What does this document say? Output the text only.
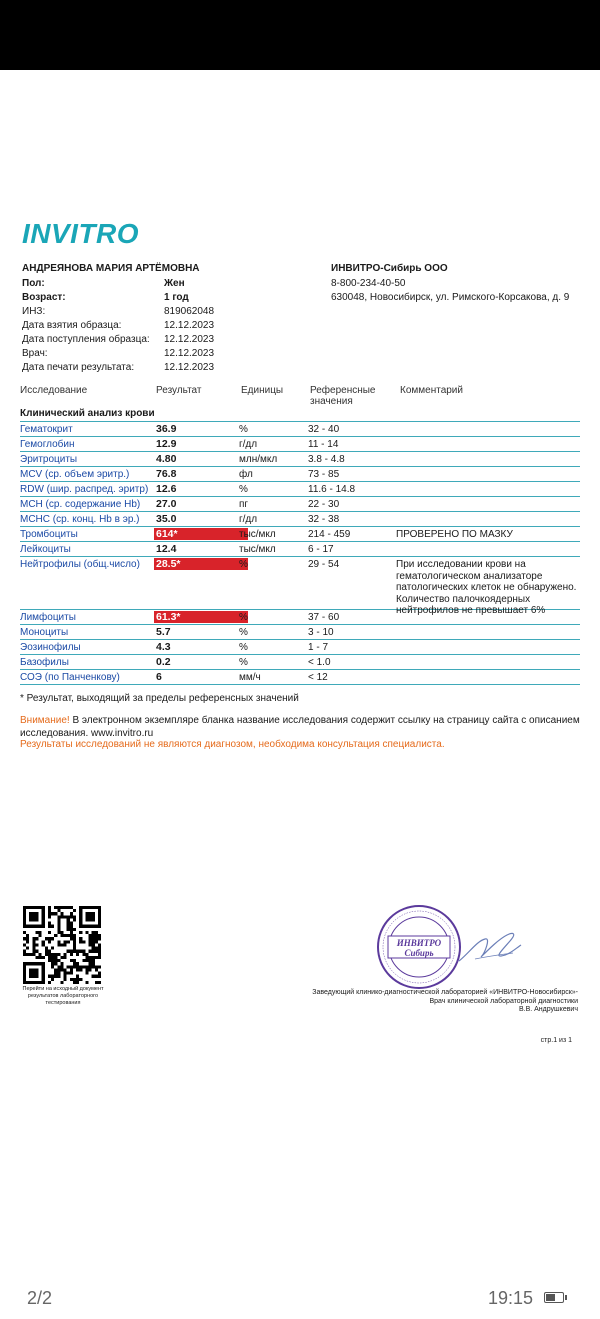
INVITRO
АНДРЕЯНОВА МАРИЯ АРТЁМОВНА
Пол:	Жен
Возраст:	1 год
ИНЗ:	819062048
Дата взятия образца:	12.12.2023
Дата поступления образца: 12.12.2023
Врач:	12.12.2023
Дата печати результата:	12.12.2023
ИНВИТРО-Сибирь ООО
8-800-234-40-50
630048, Новосибирск, ул. Римского-Корсакова, д. 9
Исследование	Результат	Единицы	Референсные
значения
Комментарий
Клинический анализ крови
Гематокрит	36.9	%	32 - 40
Гемоглобин	12.9	г/дл	11 - 14
Эритроциты	4.80	млн/мкл	3.8 - 4.8
MCV (ср. объем эритр.)	76.8	фл	73 - 85
RDW (шир. распред. эритр) 12.6	%	11.6 - 14.8
MCH (ср. содержание Hb) 27.0	пг	22 - 30
MCHC (ср. конц. Hb в эр.) 35.0	г/дл	32 - 38
Тромбоциты	614*	тыс/мкл	214 - 459	ПРОВЕРЕНО ПО МАЗКУ
Лейкоциты	12.4	тыс/мкл	6 - 17
Нейтрофилы (общ.число) 28.5*	%	29 - 54	При исследовании крови на гематологическом анализаторе патологических клеток не обнаружено. Количество палочкоядерных нейтрофилов не превышает 6%
Лимфоциты	61.3*	%	37 - 60
Моноциты	5.7	%	3 - 10
Эозинофилы	4.3	%	1 - 7
Базофилы	0.2	%	< 1.0
СОЭ (по Панченкову)	6	мм/ч	< 12
* Результат, выходящий за пределы референсных значений
Внимание! В электронном экземпляре бланка название исследования содержит ссылку на страницу сайта с описанием исследования. www.invitro.ru
Результаты исследований не являются диагнозом, необходима консультация специалиста.
Перейти на исходный документ результатов лабораторного тестирования
ИНВИТРО
Сибирь
Заведующий клинико-диагностической лабораторией «ИНВИТРО-Новосибирск»-
Врач клинической лабораторной диагностики
В.В. Андрушкевич
стр.1 из 1
2/2	19:15
